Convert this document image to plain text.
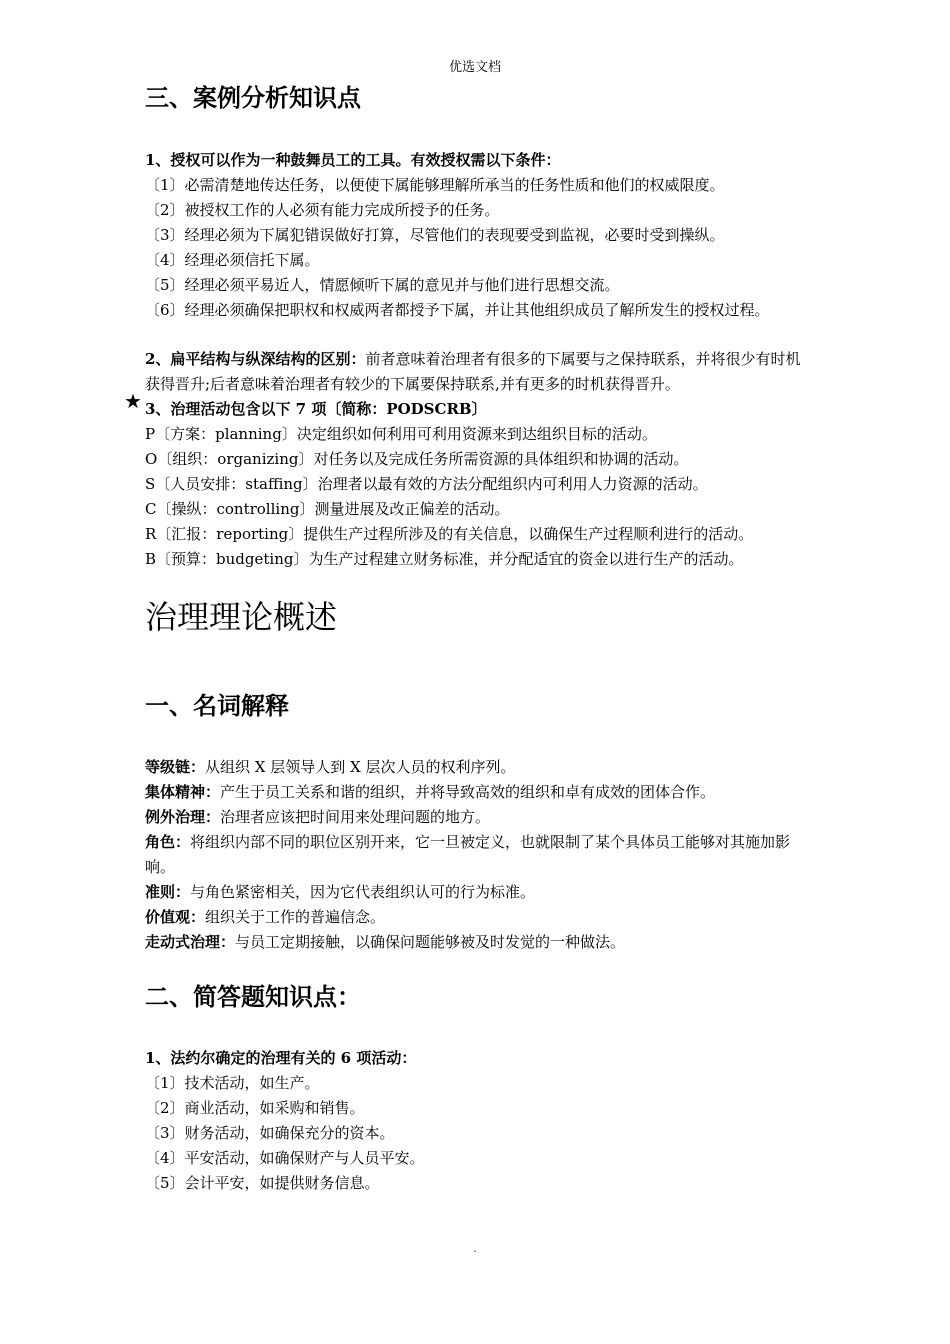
优选文档
三、案例分析知识点
1、授权可以作为一种鼓舞员工的工具。有效授权需以下条件：
〔1〕必需清楚地传达任务，以便使下属能够理解所承当的任务性质和他们的权威限度。
〔2〕被授权工作的人必须有能力完成所授予的任务。
〔3〕经理必须为下属犯错误做好打算，尽管他们的表现要受到监视，必要时受到操纵。
〔4〕经理必须信托下属。
〔5〕经理必须平易近人，情愿倾听下属的意见并与他们进行思想交流。
〔6〕经理必须确保把职权和权威两者都授予下属，并让其他组织成员了解所发生的授权过程。
2、扁平结构与纵深结构的区别：前者意味着治理者有很多的下属要与之保持联系，并将很少有时机获得晋升;后者意味着治理者有较少的下属要保持联系,并有更多的时机获得晋升。
★ 3、治理活动包含以下 7 项〔简称：PODSCRB〕
P〔方案：planning〕决定组织如何利用可利用资源来到达组织目标的活动。
O〔组织：organizing〕对任务以及完成任务所需资源的具体组织和协调的活动。
S〔人员安排：staffing〕治理者以最有效的方法分配组织内可利用人力资源的活动。
C〔操纵：controlling〕测量进展及改正偏差的活动。
R〔汇报：reporting〕提供生产过程所涉及的有关信息，以确保生产过程顺利进行的活动。
B〔预算：budgeting〕为生产过程建立财务标准，并分配适宜的资金以进行生产的活动。
治理理论概述
一、名词解释
等级链：从组织 X 层领导人到 X 层次人员的权利序列。
集体精神：产生于员工关系和谐的组织，并将导致高效的组织和卓有成效的团体合作。
例外治理：治理者应该把时间用来处理问题的地方。
角色：将组织内部不同的职位区别开来，它一旦被定义，也就限制了某个具体员工能够对其施加影响。
准则：与角色紧密相关，因为它代表组织认可的行为标准。
价值观：组织关于工作的普遍信念。
走动式治理：与员工定期接触，以确保问题能够被及时发觉的一种做法。
二、简答题知识点：
1、法约尔确定的治理有关的 6 项活动：
〔1〕技术活动，如生产。
〔2〕商业活动，如采购和销售。
〔3〕财务活动，如确保充分的资本。
〔4〕平安活动，如确保财产与人员平安。
〔5〕会计平安，如提供财务信息。
.
